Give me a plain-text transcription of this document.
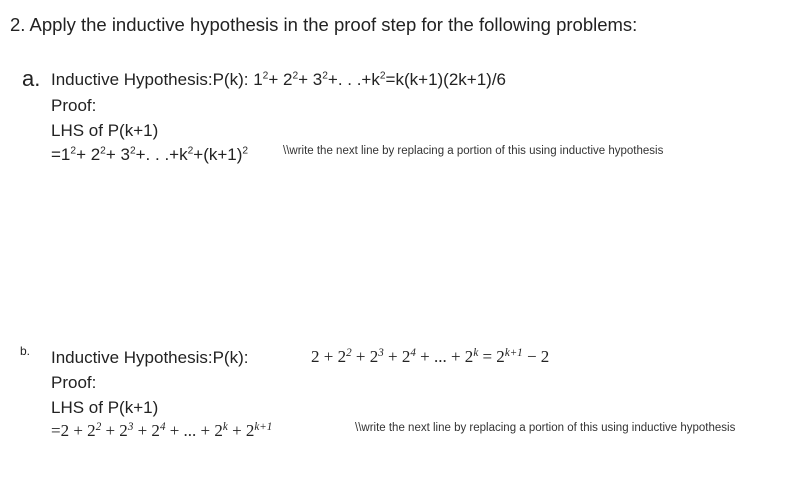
2. Apply the inductive hypothesis in the proof step for the following problems:
a. Inductive Hypothesis:P(k): $1^2+ 2^2+ 3^2+$. . $.+k^2=k(k+1)(2k+1)/6$
Proof:
LHS of P(k+1)
$=1^2+ 2^2+ 3^2+$. . $.+k^2+(k+1)^2$	\\write the next line by replacing a portion of this using inductive hypothesis
b. Inductive Hypothesis:P(k):	$2 + 2^2 + 2^3 + 2^4$ + ... + $2^k = 2^{k+1} - 2$
Proof:
LHS of P(k+1)
$=2 + 2^2 + 2^3 + 2^4$ + ... + $2^k + 2^{k+1}$	\\write the next line by replacing a portion of this using inductive hypothesis
